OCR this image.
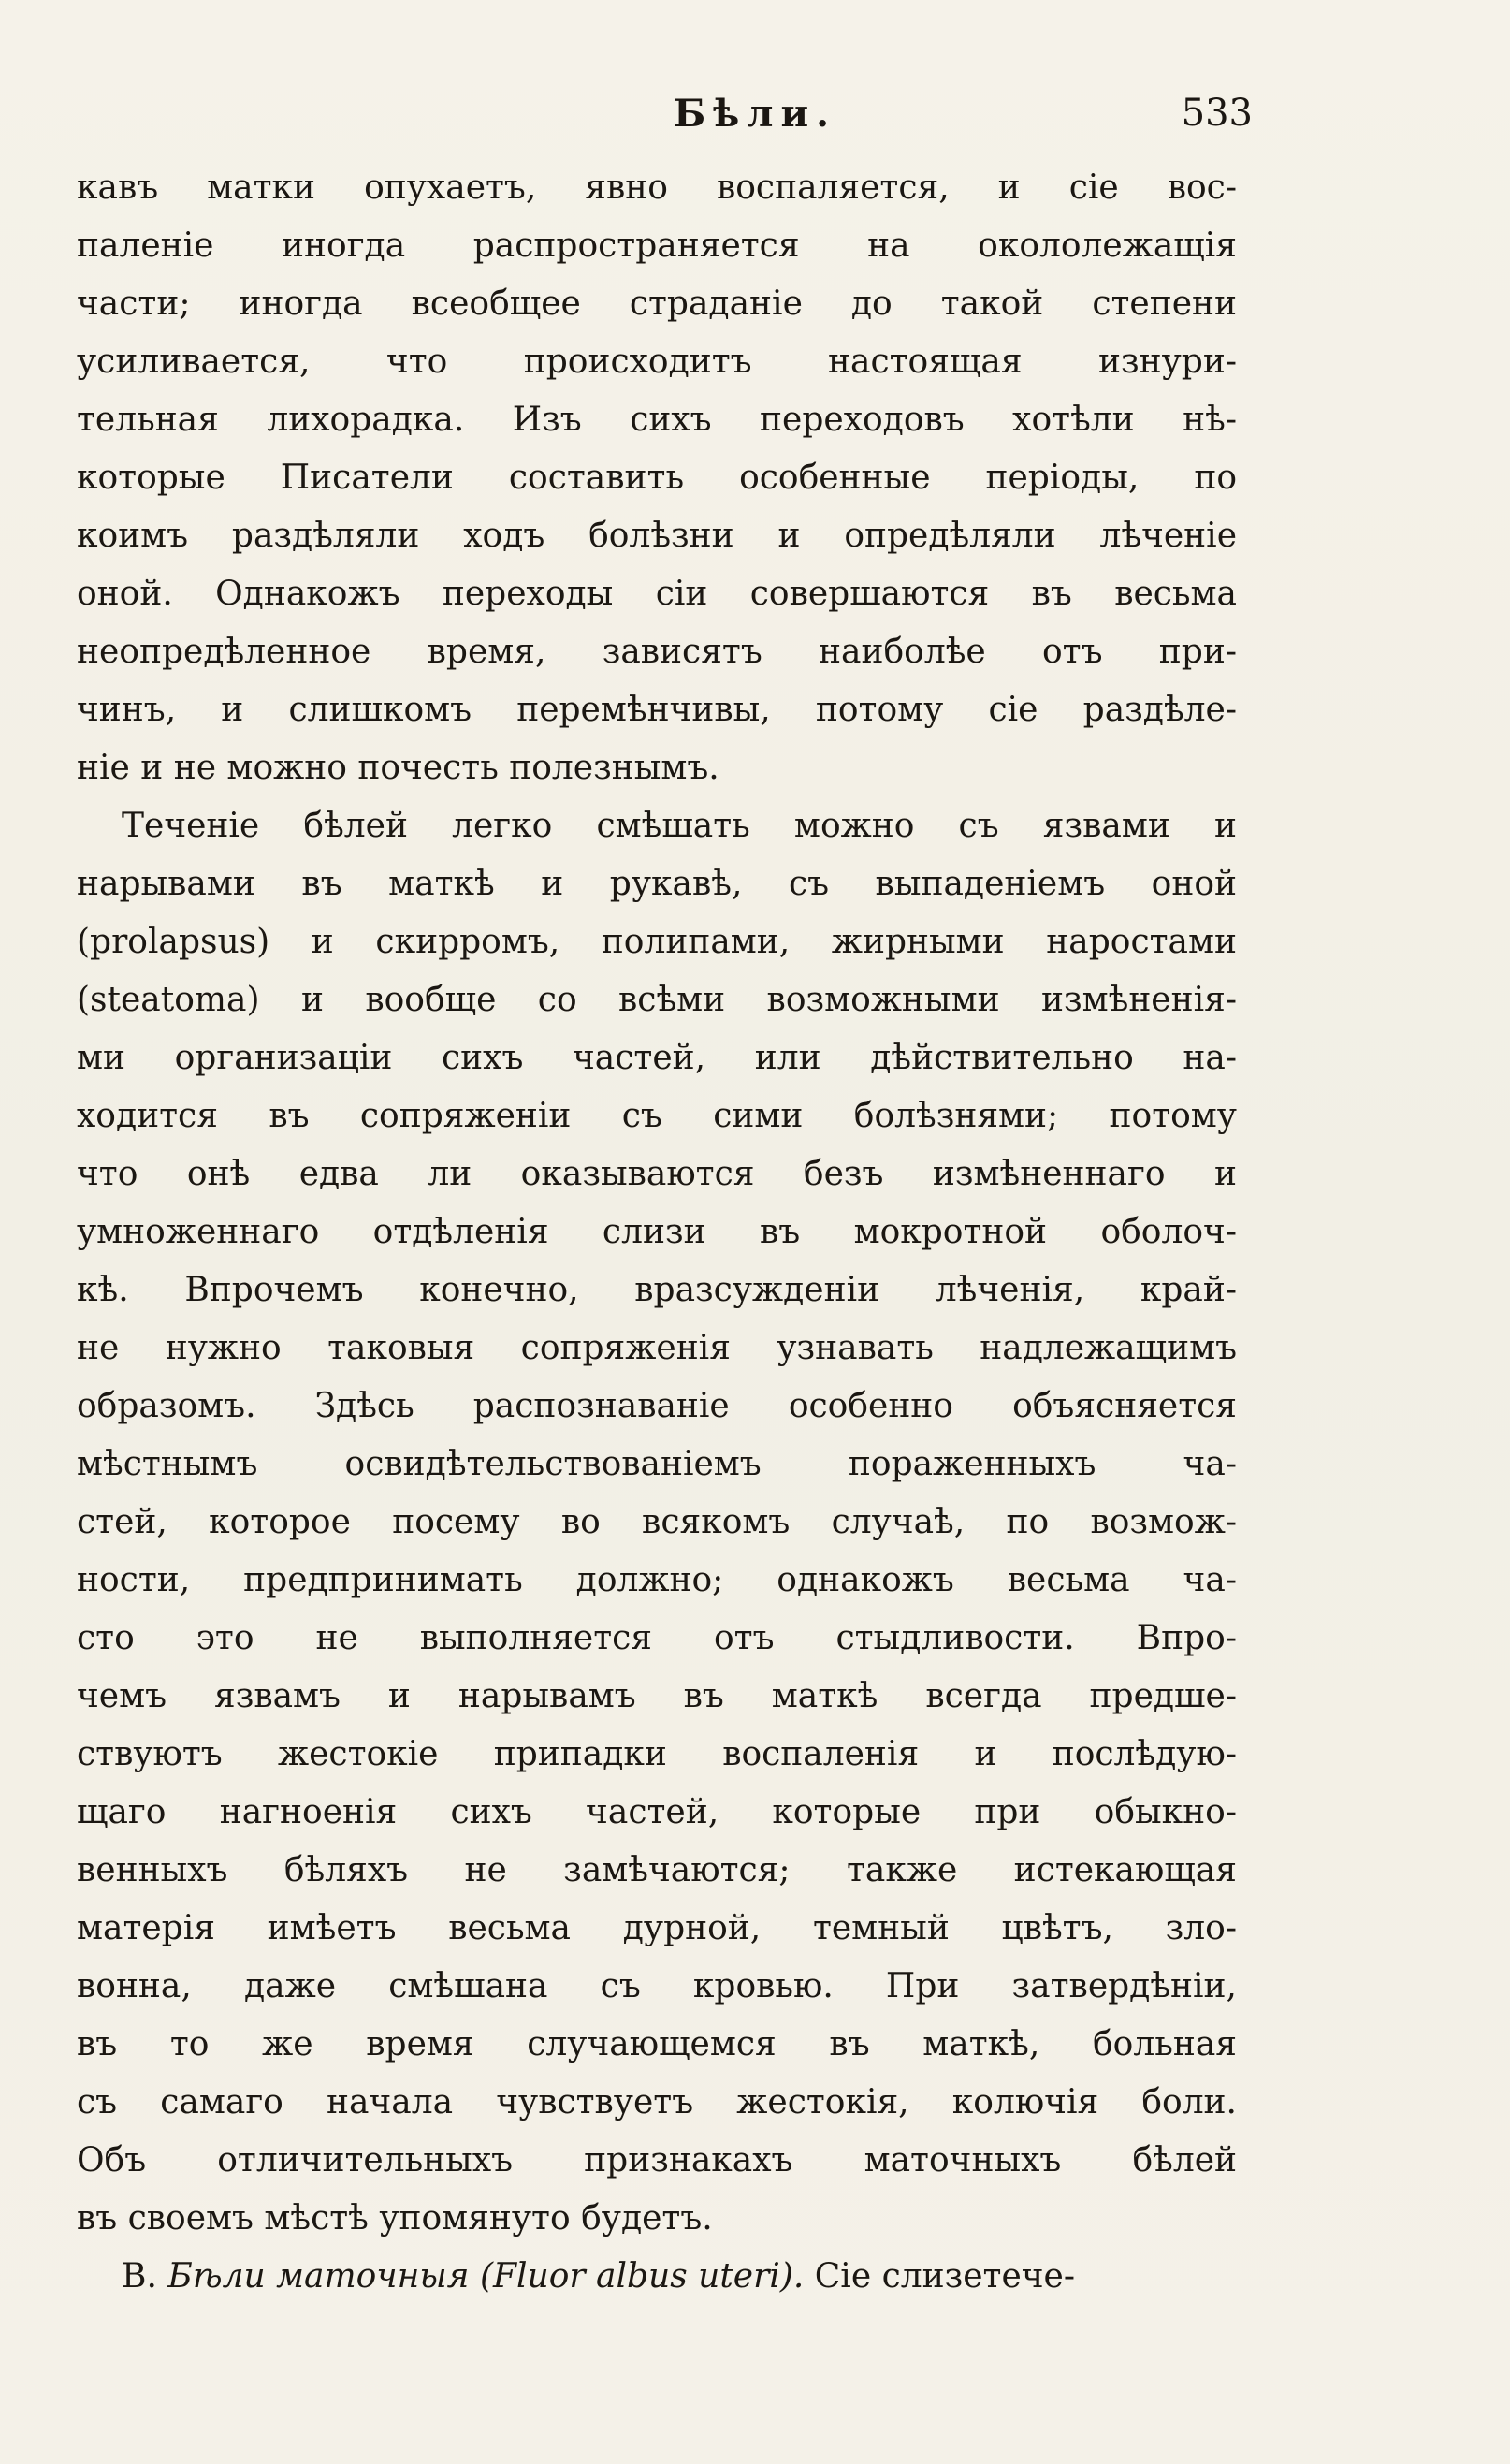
Бѣли.	533
кавъ матки опухаетъ, явно воспаляется, и сіе вос-
паленіе иногда распространяется на окололежащія
части; иногда всеобщее страданіе до такой степени
усиливается, что происходитъ настоящая изнури-
тельная лихорадка. Изъ сихъ переходовъ хотѣли нѣ-
которые Писатели составить особенные періоды, по
коимъ раздѣляли ходъ болѣзни и опредѣляли лѣченіе
оной. Однакожъ переходы сіи совершаются въ весьма
неопредѣленное время, зависятъ наиболѣе отъ при-
чинъ, и слишкомъ перемѣнчивы, потому сіе раздѣле-
ніе и не можно почесть полезнымъ.
Теченіе бѣлей легко смѣшать можно съ язвами и
нарывами въ маткѣ и рукавѣ, съ выпаденіемъ оной
(prolapsus) и скирромъ, полипами, жирными наростами
(steatoma) и вообще со всѣми возможными измѣненія-
ми организаціи сихъ частей, или дѣйствительно на-
ходится въ сопряженіи съ сими болѣзнями; потому
что онѣ едва ли оказываются безъ измѣненнаго и
умноженнаго отдѣленія слизи въ мокротной оболоч-
кѣ. Впрочемъ конечно, вразсужденіи лѣченія, край-
не нужно таковыя сопряженія узнавать надлежащимъ
образомъ. Здѣсь распознаваніе особенно объясняется
мѣстнымъ освидѣтельствованіемъ пораженныхъ ча-
стей, которое посему во всякомъ случаѣ, по возмож-
ности, предпринимать должно; однакожъ весьма ча-
сто это не выполняется отъ стыдливости. Впро-
чемъ язвамъ и нарывамъ въ маткѣ всегда предше-
ствуютъ жестокіе припадки воспаленія и послѣдую-
щаго нагноенія сихъ частей, которые при обыкно-
венныхъ бѣляхъ не замѣчаются; также истекающая
матерія имѣетъ весьма дурной, темный цвѣтъ, зло-
вонна, даже смѣшана съ кровью. При затвердѣніи,
въ то же время случающемся въ маткѣ, больная
съ самаго начала чувствуетъ жестокія, колючія боли.
Объ отличительныхъ признакахъ маточныхъ бѣлей
въ своемъ мѣстѣ упомянуто будетъ.
B. Бѣли маточныя (Fluor albus uteri). Сіе слизетече-
